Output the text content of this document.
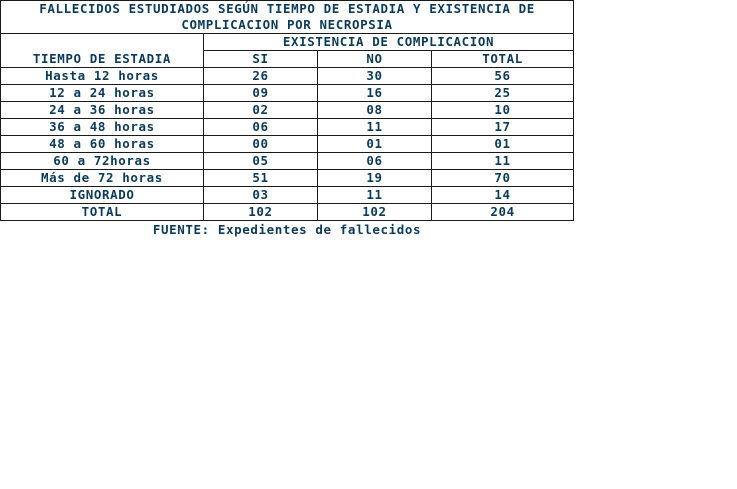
FALLECIDOS ESTUDIADOS SEGÚN TIEMPO DE ESTADIA Y EXISTENCIA DE
COMPLICACION POR NECROPSIA			
TIEMPO DE ESTADIA	EXISTENCIA DE COMPLICACION		
	SI	NO	TOTAL
Hasta 12 horas	26	30	56
12 a 24 horas	09	16	25
24 a 36 horas	02	08	10
36 a 48 horas	06	11	17
48 a 60 horas	00	01	01
60 a 72horas	05	06	11
Más de 72 horas	51	19	70
IGNORADO	03	11	14
TOTAL	102	102	204
FUENTE: Expedientes de fallecidos
